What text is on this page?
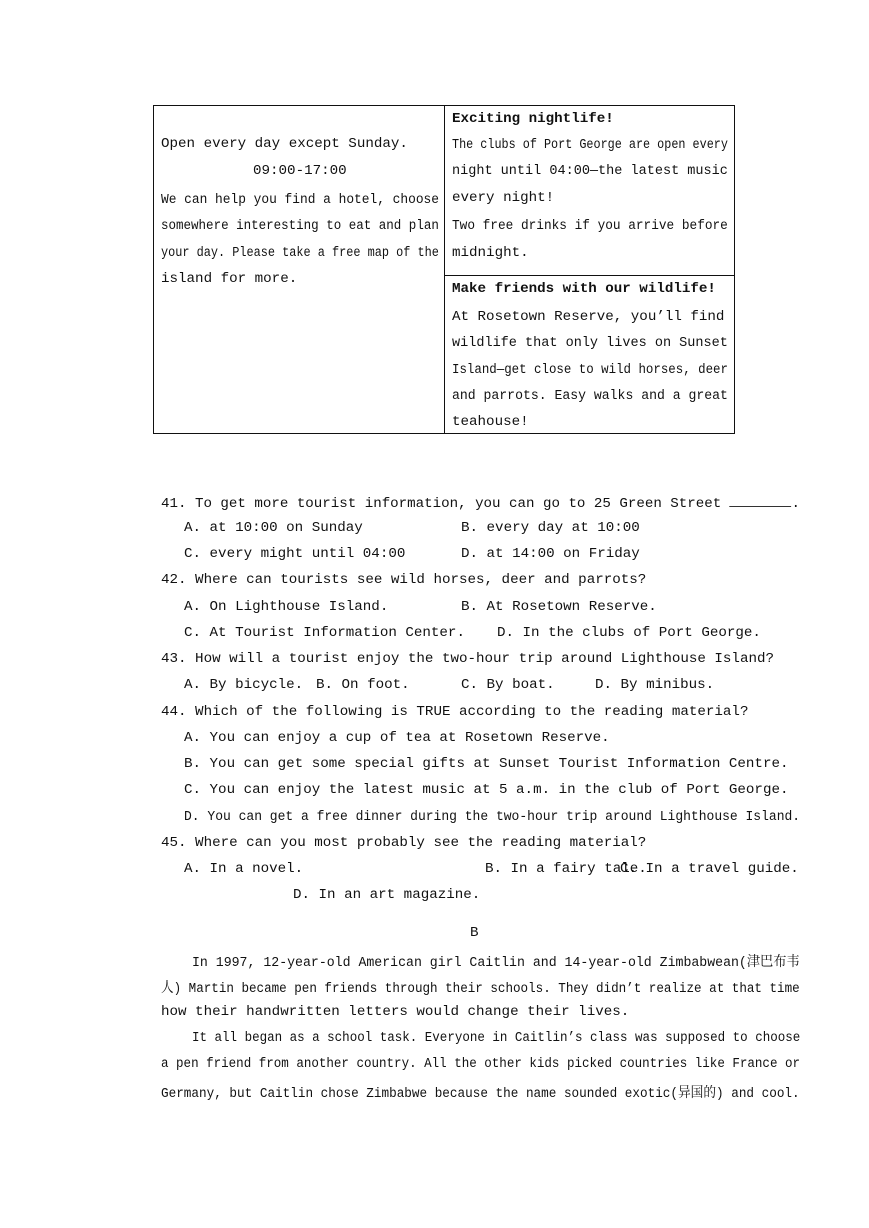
Open every day except Sunday.
09:00-17:00
We can help you find a hotel, choose
somewhere interesting to eat and plan
your day. Please take a free map of the
island for more.
Exciting nightlife!
The clubs of Port George are open every
night until 04:00—the latest music
every night!
Two free drinks if you arrive before
midnight.
Make friends with our wildlife!
At Rosetown Reserve, you’ll find
wildlife that only lives on Sunset
Island—get close to wild horses, deer
and parrots. Easy walks and a great
teahouse!
41. To get more tourist information, you can go to 25 Green Street	.
A. at 10:00 on Sunday	B. every day at 10:00
C. every might until 04:00	D. at 14:00 on Friday
42. Where can tourists see wild horses, deer and parrots?
A. On Lighthouse Island.	B. At Rosetown Reserve.
C. At Tourist Information Center. D. In the clubs of Port George.
43. How will a tourist enjoy the two-hour trip around Lighthouse Island?
A. By bicycle. B. On foot.	C. By boat.	D. By minibus.
44. Which of the following is TRUE according to the reading material?
A. You can enjoy a cup of tea at Rosetown Reserve.
B. You can get some special gifts at Sunset Tourist Information Centre.
C. You can enjoy the latest music at 5 a.m. in the club of Port George.
D. You can get a free dinner during the two-hour trip around Lighthouse Island.
45. Where can you most probably see the reading material?
A. In a novel.	B. In a fairy tale.
C. In a travel guide.
D. In an art magazine.
B
In 1997, 12-year-old American girl Caitlin and 14-year-old Zimbabwean(津巴布韦
人) Martin became pen friends through their schools. They didn’t realize at that time
how their handwritten letters would change their lives.
It all began as a school task. Everyone in Caitlin’s class was supposed to choose
a pen friend from another country. All the other kids picked countries like France or
Germany, but Caitlin chose Zimbabwe because the name sounded exotic(异国的) and cool.
